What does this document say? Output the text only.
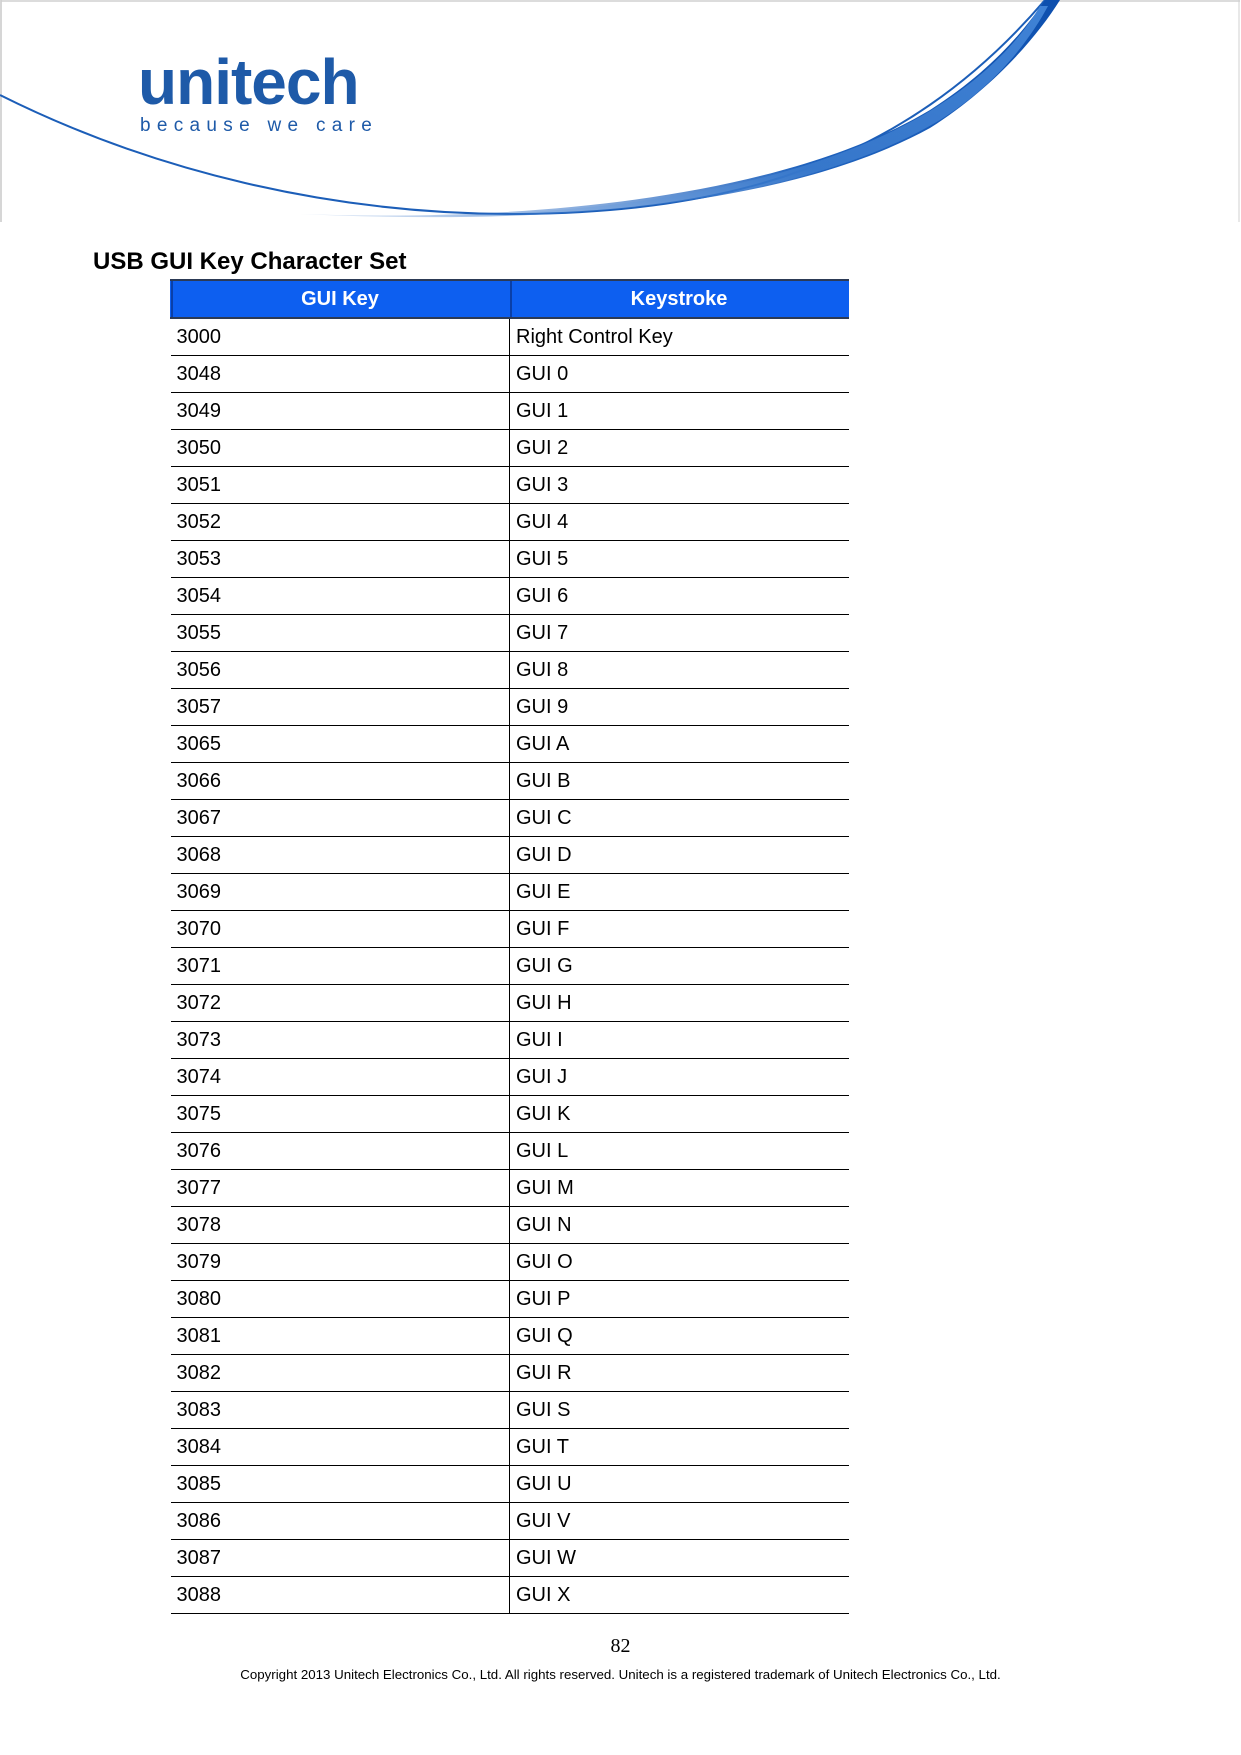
unitech
because we care
USB GUI Key Character Set
GUI Key	Keystroke
3000	Right Control Key
3048	GUI 0
3049	GUI 1
3050	GUI 2
3051	GUI 3
3052	GUI 4
3053	GUI 5
3054	GUI 6
3055	GUI 7
3056	GUI 8
3057	GUI 9
3065	GUI A
3066	GUI B
3067	GUI C
3068	GUI D
3069	GUI E
3070	GUI F
3071	GUI G
3072	GUI H
3073	GUI I
3074	GUI J
3075	GUI K
3076	GUI L
3077	GUI M
3078	GUI N
3079	GUI O
3080	GUI P
3081	GUI Q
3082	GUI R
3083	GUI S
3084	GUI T
3085	GUI U
3086	GUI V
3087	GUI W
3088	GUI X
82
Copyright 2013 Unitech Electronics Co., Ltd. All rights reserved. Unitech is a registered trademark of Unitech Electronics Co., Ltd.
